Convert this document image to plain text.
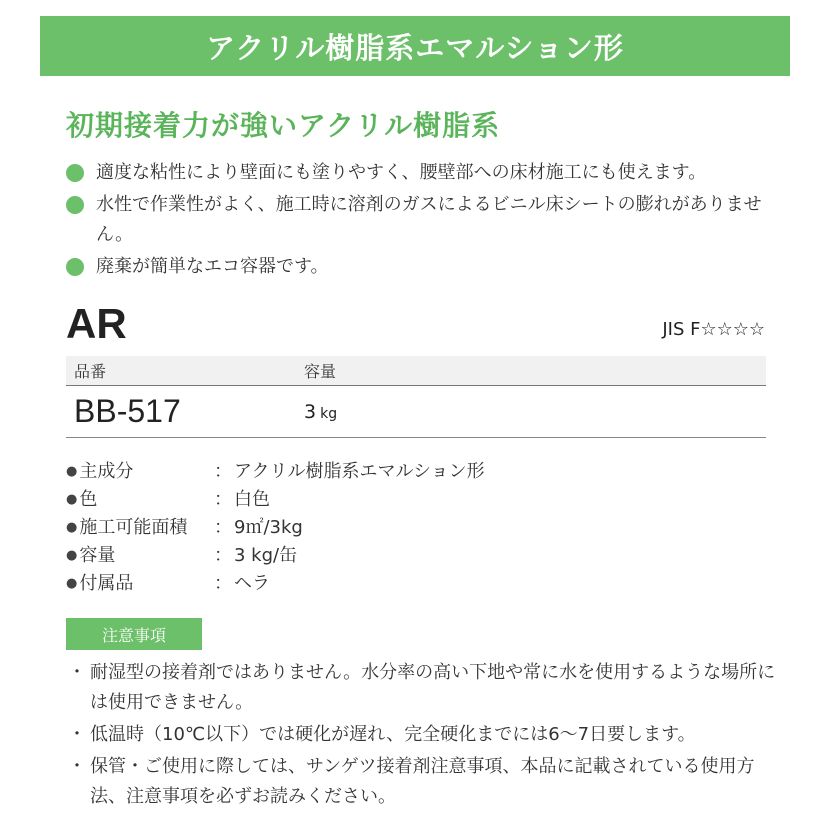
アクリル樹脂系エマルション形
初期接着力が強いアクリル樹脂系
適度な粘性により壁面にも塗りやすく、腰壁部への床材施工にも使えます。
水性で作業性がよく、施工時に溶剤のガスによるビニル床シートの膨れがありません。
廃棄が簡単なエコ容器です。
AR	JIS F☆☆☆☆
品番	容量
BB-517	3 kg
● 主成分	： アクリル樹脂系エマルション形
● 色	： 白色
● 施工可能面積	： 9㎡/3kg
● 容量	： 3 kg/缶
● 付属品	： ヘラ
注意事項
・ 耐湿型の接着剤ではありません。水分率の高い下地や常に水を使用するような場所には使用できません。
・ 低温時（10℃以下）では硬化が遅れ、完全硬化までには6〜7日要します。
・ 保管・ご使用に際しては、サンゲツ接着剤注意事項、本品に記載されている使用方法、注意事項を必ずお読みください。
